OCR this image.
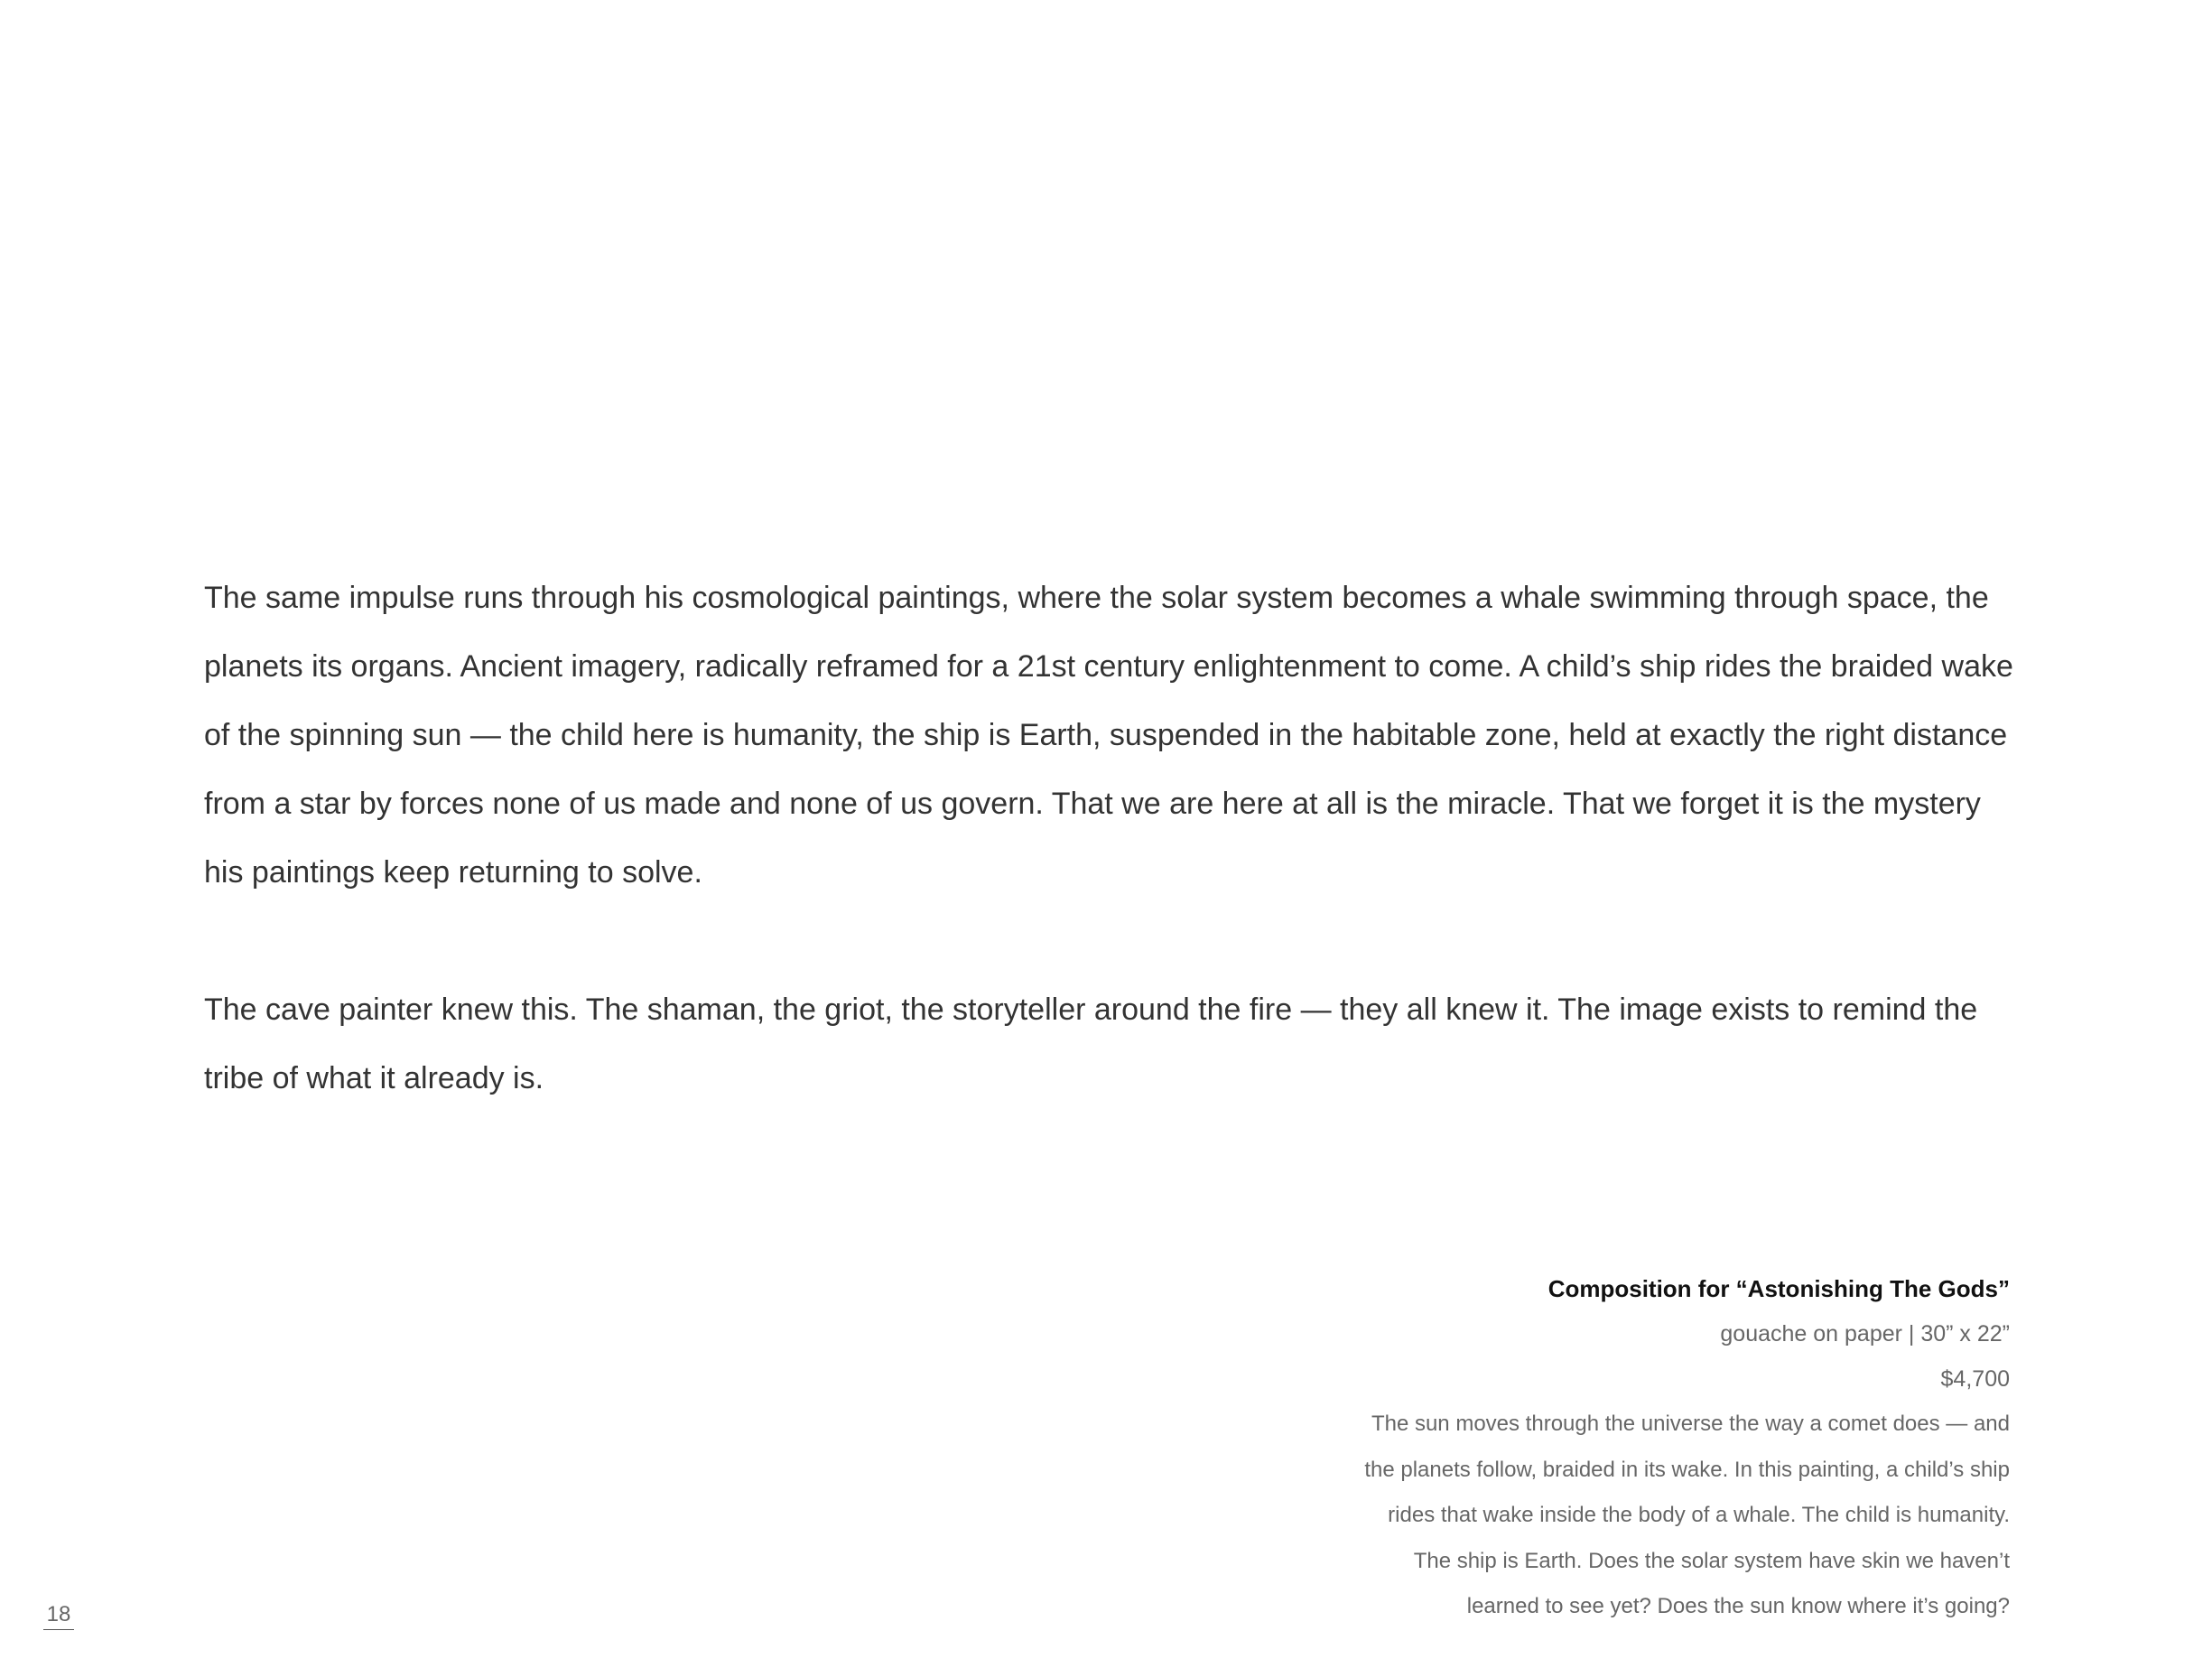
The same impulse runs through his cosmological paintings, where the solar system becomes a whale swimming through space, the
planets its organs. Ancient imagery, radically reframed for a 21st century enlightenment to come. A child’s ship rides the braided wake
of the spinning sun — the child here is humanity, the ship is Earth, suspended in the habitable zone, held at exactly the right distance
from a star by forces none of us made and none of us govern. That we are here at all is the miracle. That we forget it is the mystery
his paintings keep returning to solve.

The cave painter knew this. The shaman, the griot, the storyteller around the fire — they all knew it. The image exists to remind the
tribe of what it already is.

Composition for “Astonishing The Gods”
gouache on paper | 30” x 22”
$4,700
The sun moves through the universe the way a comet does — and
the planets follow, braided in its wake. In this painting, a child’s ship
rides that wake inside the body of a whale. The child is humanity.
The ship is Earth. Does the solar system have skin we haven’t
learned to see yet? Does the sun know where it’s going?
18
